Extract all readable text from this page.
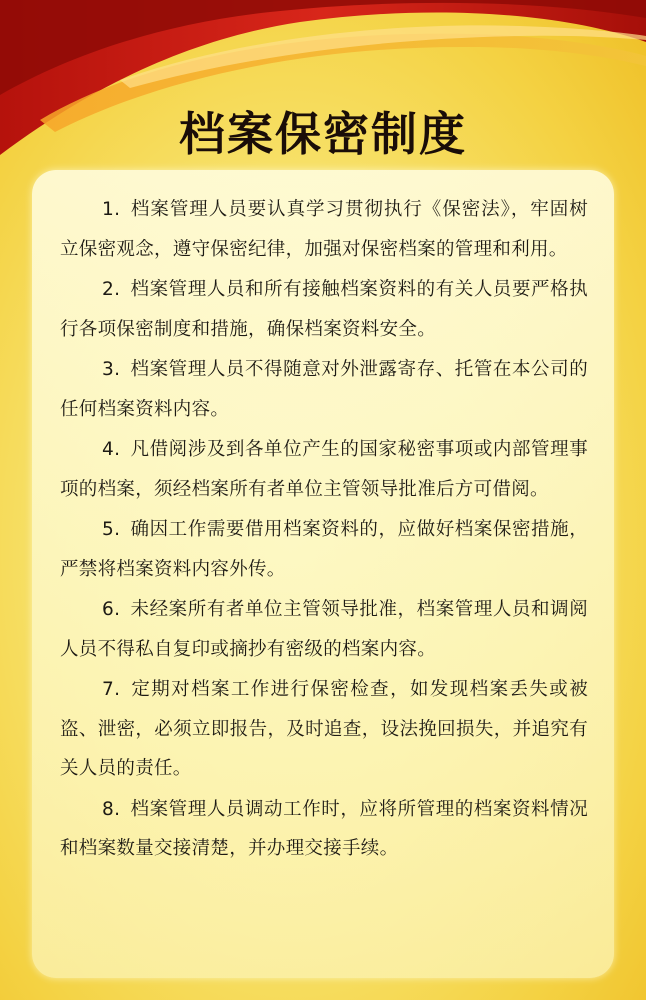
档案保密制度
1. 档案管理人员要认真学习贯彻执行《保密法》，牢固树立保密观念，遵守保密纪律，加强对保密档案的管理和利用。
2. 档案管理人员和所有接触档案资料的有关人员要严格执行各项保密制度和措施，确保档案资料安全。
3. 档案管理人员不得随意对外泄露寄存、托管在本公司的任何档案资料内容。
4. 凡借阅涉及到各单位产生的国家秘密事项或内部管理事项的档案，须经档案所有者单位主管领导批准后方可借阅。
5. 确因工作需要借用档案资料的，应做好档案保密措施，严禁将档案资料内容外传。
6. 未经案所有者单位主管领导批准，档案管理人员和调阅人员不得私自复印或摘抄有密级的档案内容。
7. 定期对档案工作进行保密检查，如发现档案丢失或被盗、泄密，必须立即报告，及时追查，设法挽回损失，并追究有关人员的责任。
8. 档案管理人员调动工作时，应将所管理的档案资料情况和档案数量交接清楚，并办理交接手续。
